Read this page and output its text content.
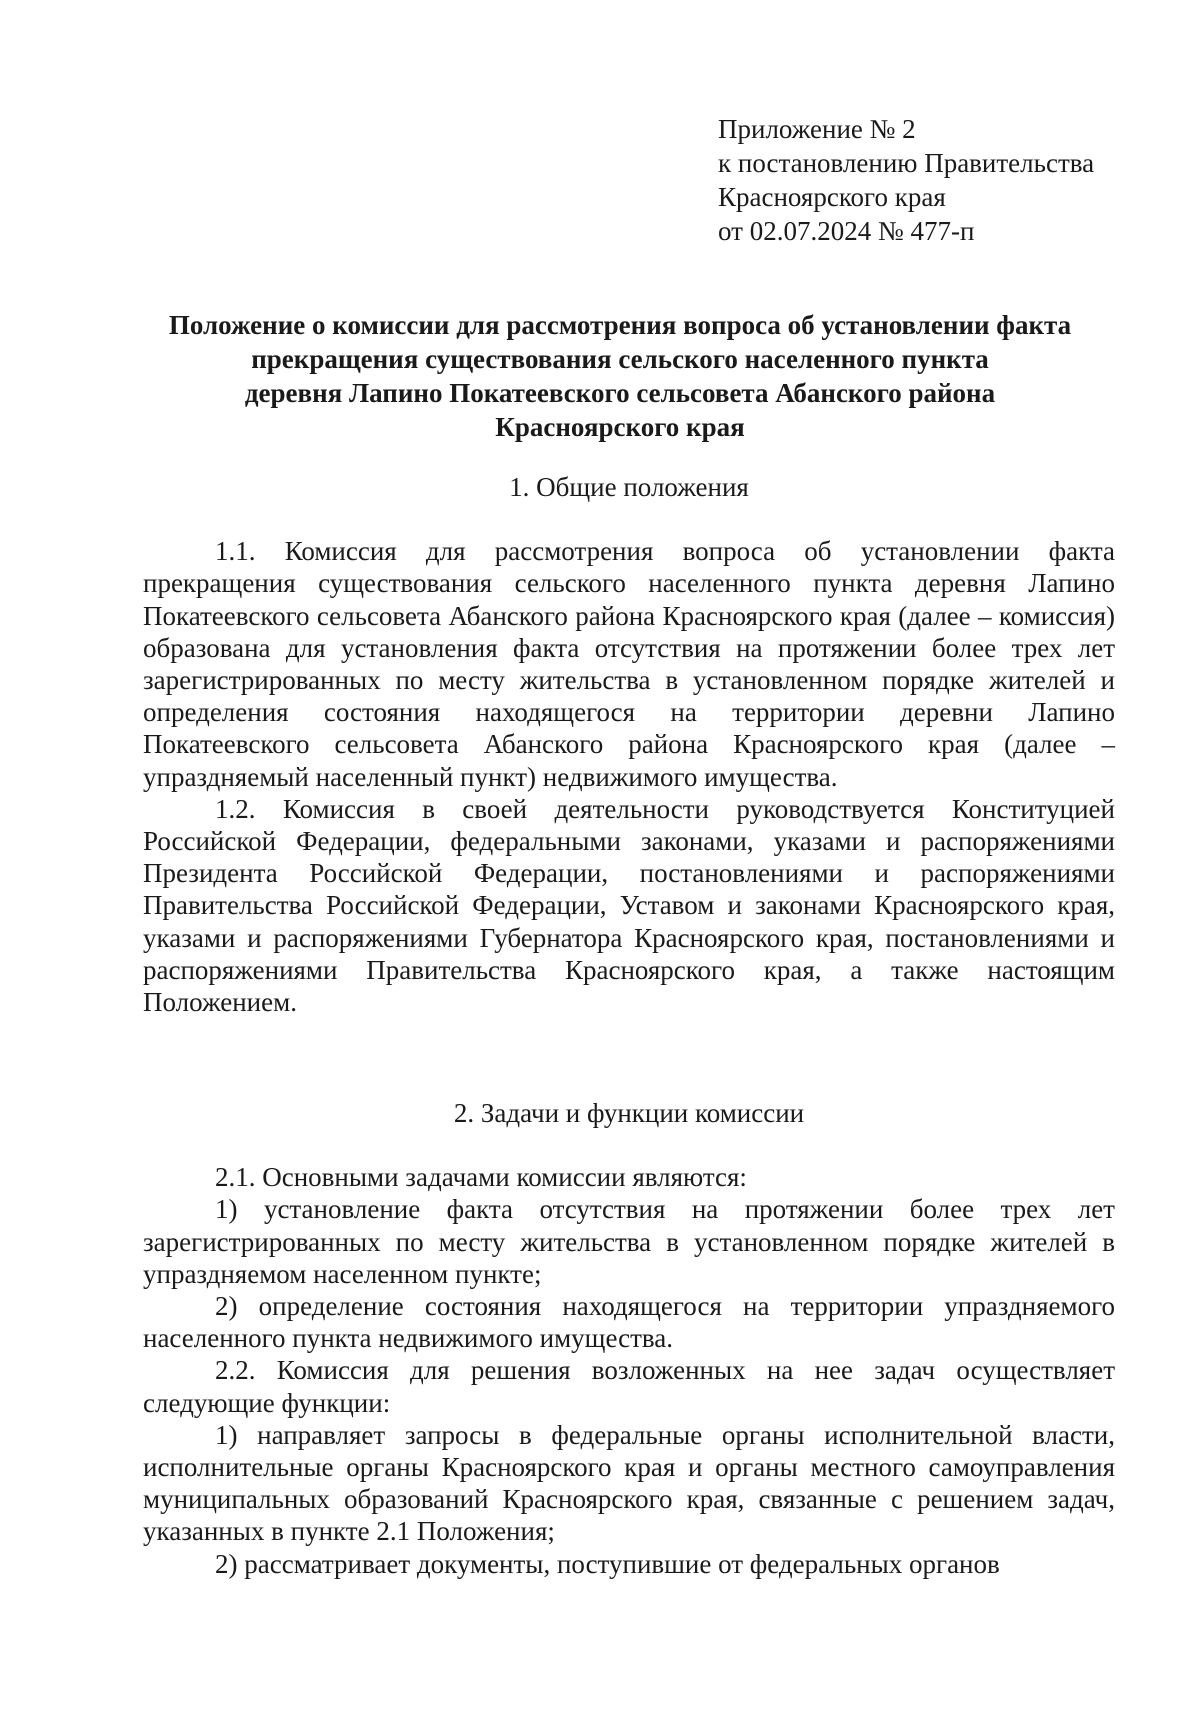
Приложение № 2
к постановлению Правительства
Красноярского края
от 02.07.2024 № 477-п
Положение о комиссии для рассмотрения вопроса об установлении факта
прекращения существования сельского населенного пункта
деревня Лапино Покатеевского сельсовета Абанского района
Красноярского края
1. Общие положения

1.1. Комиссия для рассмотрения вопроса об установлении факта прекращения существования сельского населенного пункта деревня Лапино Покатеевского сельсовета Абанского района Красноярского края (далее – комиссия) образована для установления факта отсутствия на протяжении более трех лет зарегистрированных по месту жительства в установленном порядке жителей и определения состояния находящегося на территории деревни Лапино Покатеевского сельсовета Абанского района Красноярского края (далее – упраздняемый населенный пункт) недвижимого имущества.

1.2. Комиссия в своей деятельности руководствуется Конституцией Российской Федерации, федеральными законами, указами и распоряжениями Президента Российской Федерации, постановлениями и распоряжениями Правительства Российской Федерации, Уставом и законами Красноярского края, указами и распоряжениями Губернатора Красноярского края, постановлениями и распоряжениями Правительства Красноярского края, а также настоящим Положением.

2. Задачи и функции комиссии

2.1. Основными задачами комиссии являются:

1) установление факта отсутствия на протяжении более трех лет зарегистрированных по месту жительства в установленном порядке жителей в упраздняемом населенном пункте;

2) определение состояния находящегося на территории упраздняемого населенного пункта недвижимого имущества.

2.2. Комиссия для решения возложенных на нее задач осуществляет следующие функции:

1) направляет запросы в федеральные органы исполнительной власти, исполнительные органы Красноярского края и органы местного самоуправления муниципальных образований Красноярского края, связанные с решением задач, указанных в пункте 2.1 Положения;

2) рассматривает документы, поступившие от федеральных органов
